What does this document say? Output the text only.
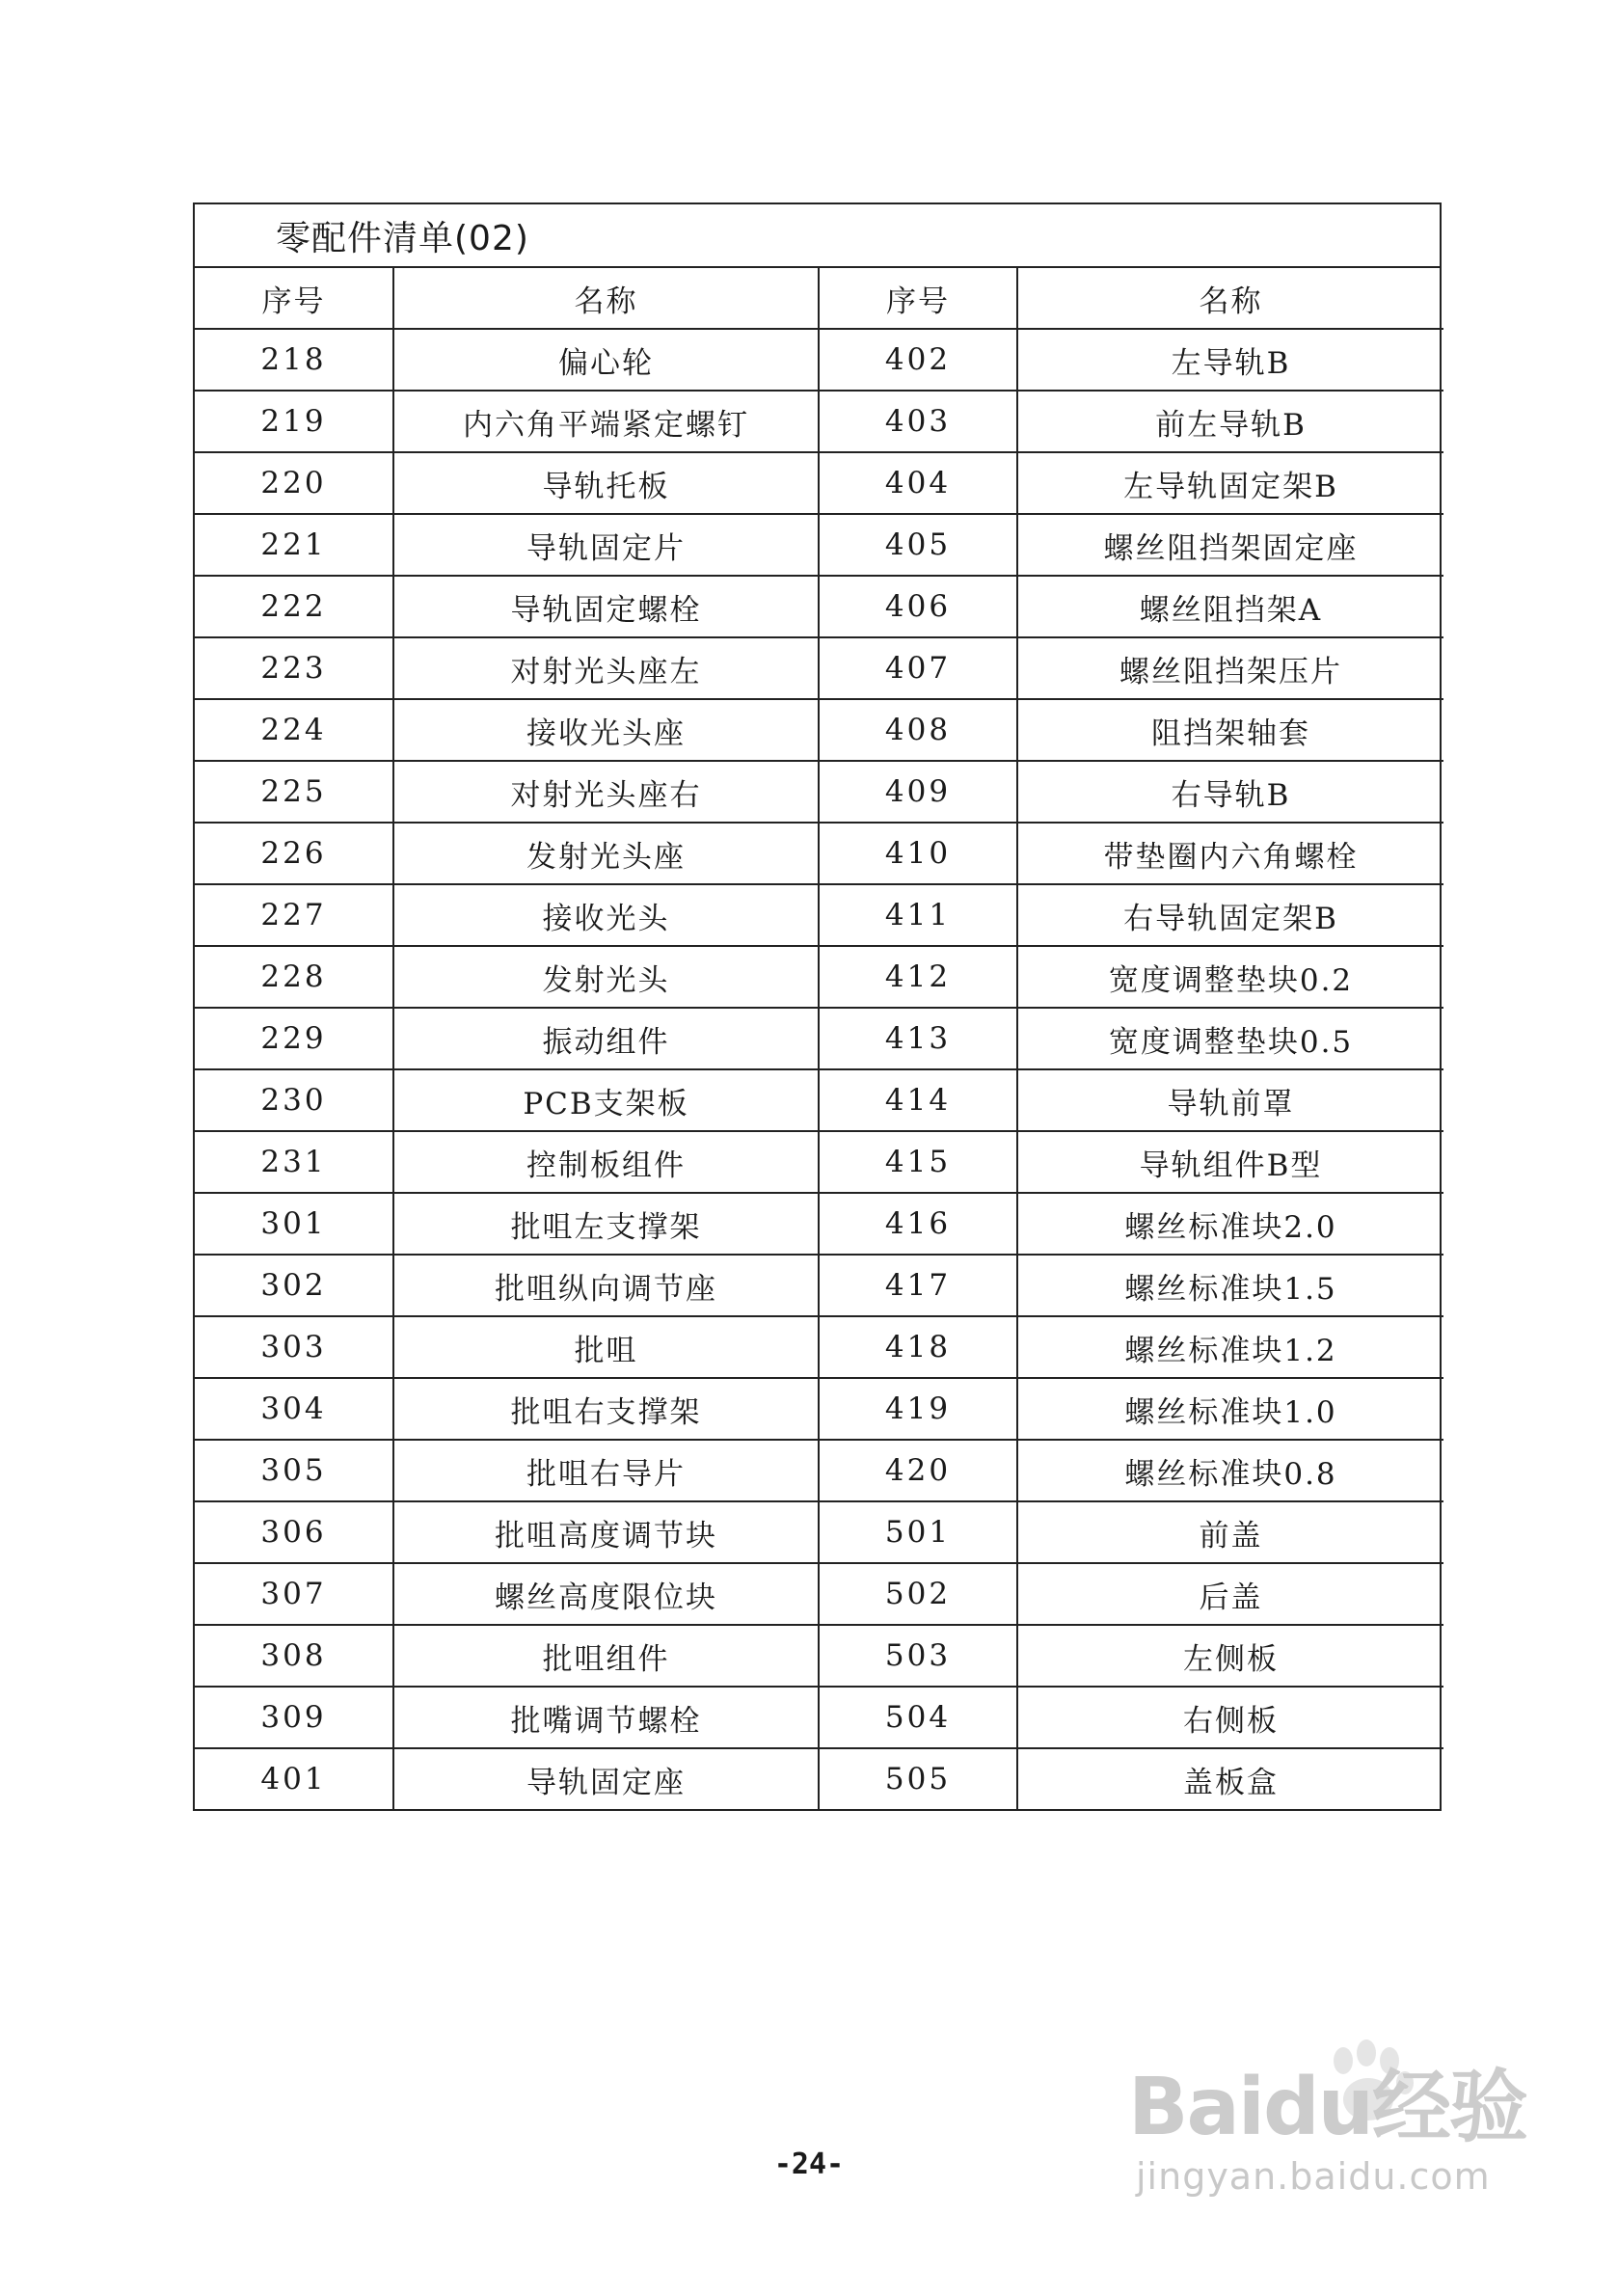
零配件清单(02)
序号	名称	序号	名称
218	偏心轮	402	左导轨B
219	内六角平端紧定螺钉	403	前左导轨B
220	导轨托板	404	左导轨固定架B
221	导轨固定片	405	螺丝阻挡架固定座
222	导轨固定螺栓	406	螺丝阻挡架A
223	对射光头座左	407	螺丝阻挡架压片
224	接收光头座	408	阻挡架轴套
225	对射光头座右	409	右导轨B
226	发射光头座	410	带垫圈内六角螺栓
227	接收光头	411	右导轨固定架B
228	发射光头	412	宽度调整垫块0.2
229	振动组件	413	宽度调整垫块0.5
230	PCB支架板	414	导轨前罩
231	控制板组件	415	导轨组件B型
301	批咀左支撑架	416	螺丝标准块2.0
302	批咀纵向调节座	417	螺丝标准块1.5
303	批咀	418	螺丝标准块1.2
304	批咀右支撑架	419	螺丝标准块1.0
305	批咀右导片	420	螺丝标准块0.8
306	批咀高度调节块	501	前盖
307	螺丝高度限位块	502	后盖
308	批咀组件	503	左侧板
309	批嘴调节螺栓	504	右侧板
401	导轨固定座	505	盖板盒
-24-
Baidu经验
jingyan.baidu.com
